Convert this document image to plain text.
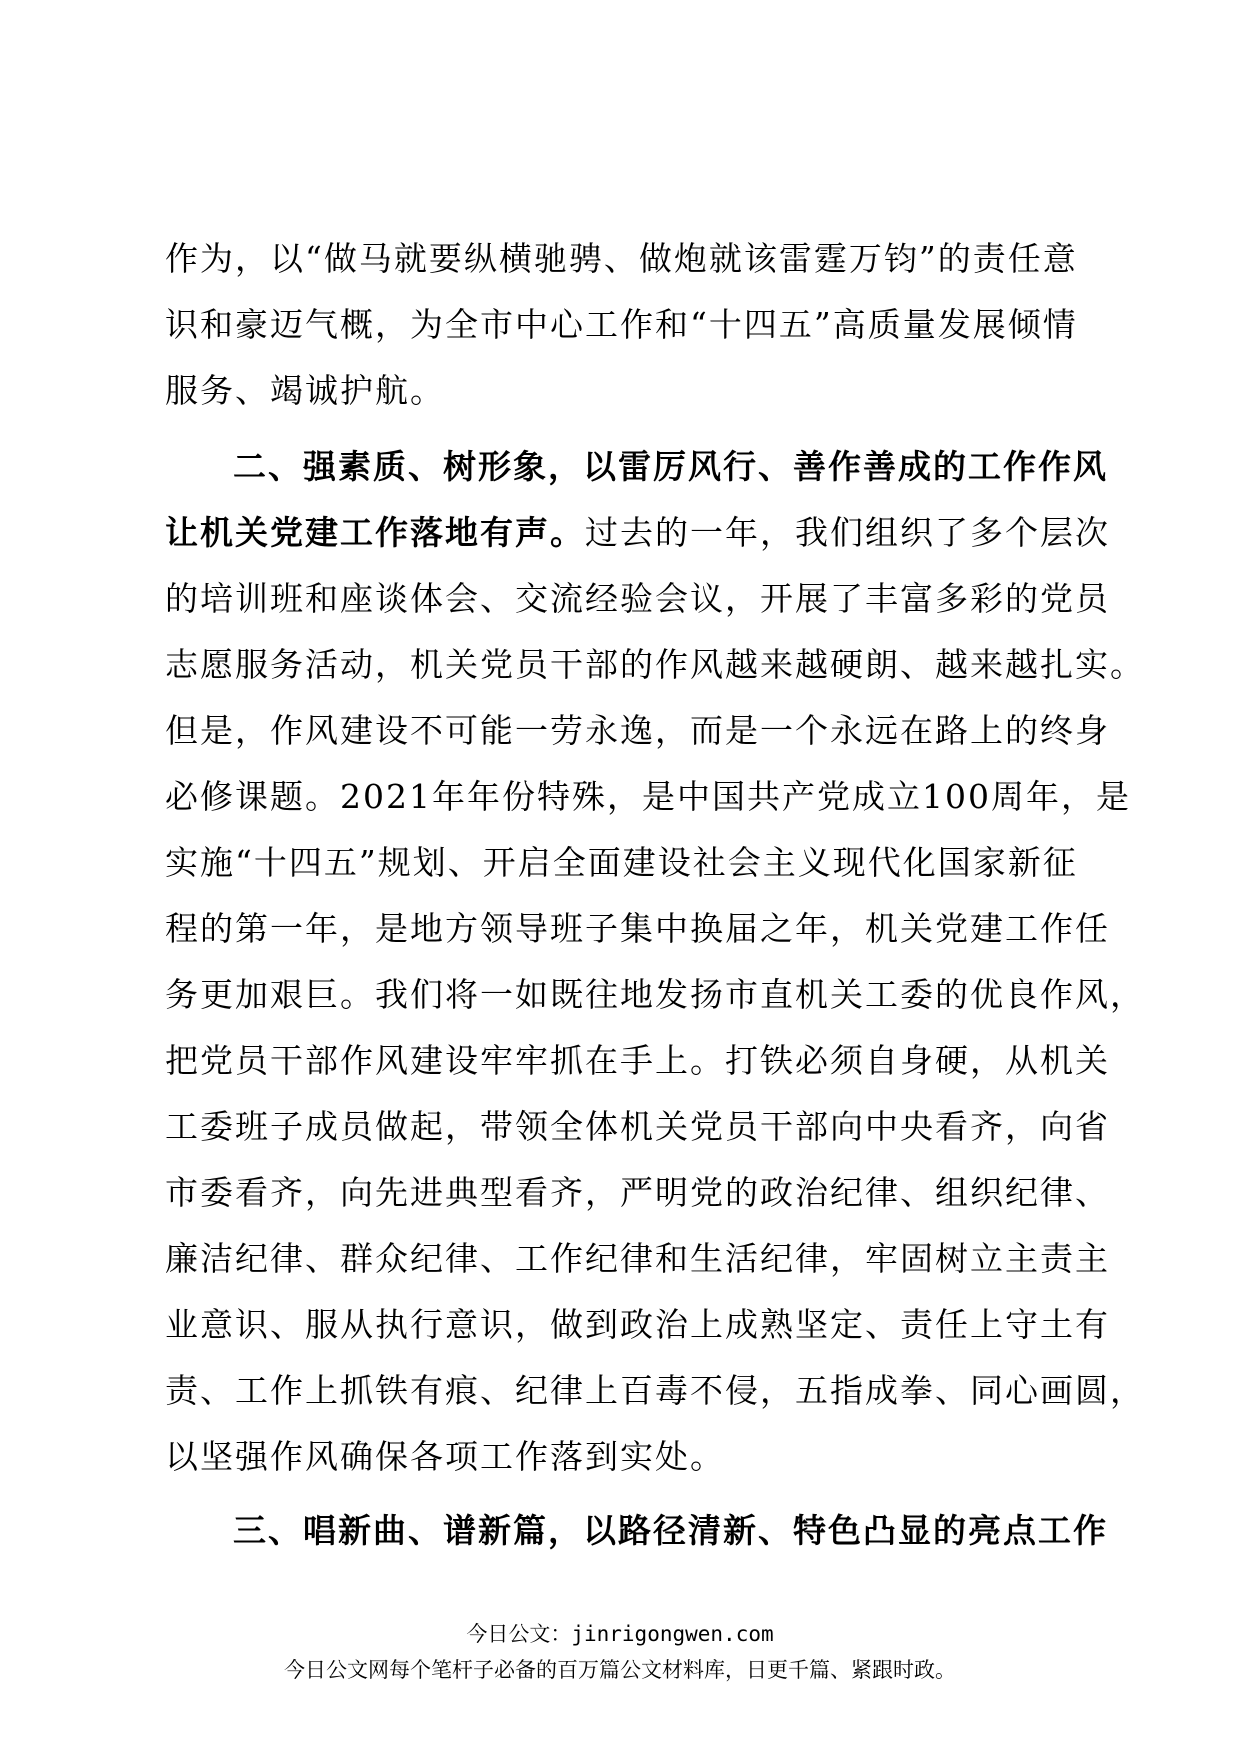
作为，以“做马就要纵横驰骋、做炮就该雷霆万钧”的责任意
识和豪迈气概，为全市中心工作和“十四五”高质量发展倾情
服务、竭诚护航。
二、强素质、树形象，以雷厉风行、善作善成的工作作风
让机关党建工作落地有声。过去的一年，我们组织了多个层次
的培训班和座谈体会、交流经验会议，开展了丰富多彩的党员
志愿服务活动，机关党员干部的作风越来越硬朗、越来越扎实。
但是，作风建设不可能一劳永逸，而是一个永远在路上的终身
必修课题。2021年年份特殊，是中国共产党成立100周年，是
实施“十四五”规划、开启全面建设社会主义现代化国家新征
程的第一年，是地方领导班子集中换届之年，机关党建工作任
务更加艰巨。我们将一如既往地发扬市直机关工委的优良作风，
把党员干部作风建设牢牢抓在手上。打铁必须自身硬，从机关
工委班子成员做起，带领全体机关党员干部向中央看齐，向省
市委看齐，向先进典型看齐，严明党的政治纪律、组织纪律、
廉洁纪律、群众纪律、工作纪律和生活纪律，牢固树立主责主
业意识、服从执行意识，做到政治上成熟坚定、责任上守土有
责、工作上抓铁有痕、纪律上百毒不侵，五指成拳、同心画圆，
以坚强作风确保各项工作落到实处。
三、唱新曲、谱新篇，以路径清新、特色凸显的亮点工作
今日公文：jinrigongwen.com
今日公文网每个笔杆子必备的百万篇公文材料库，日更千篇、紧跟时政。
